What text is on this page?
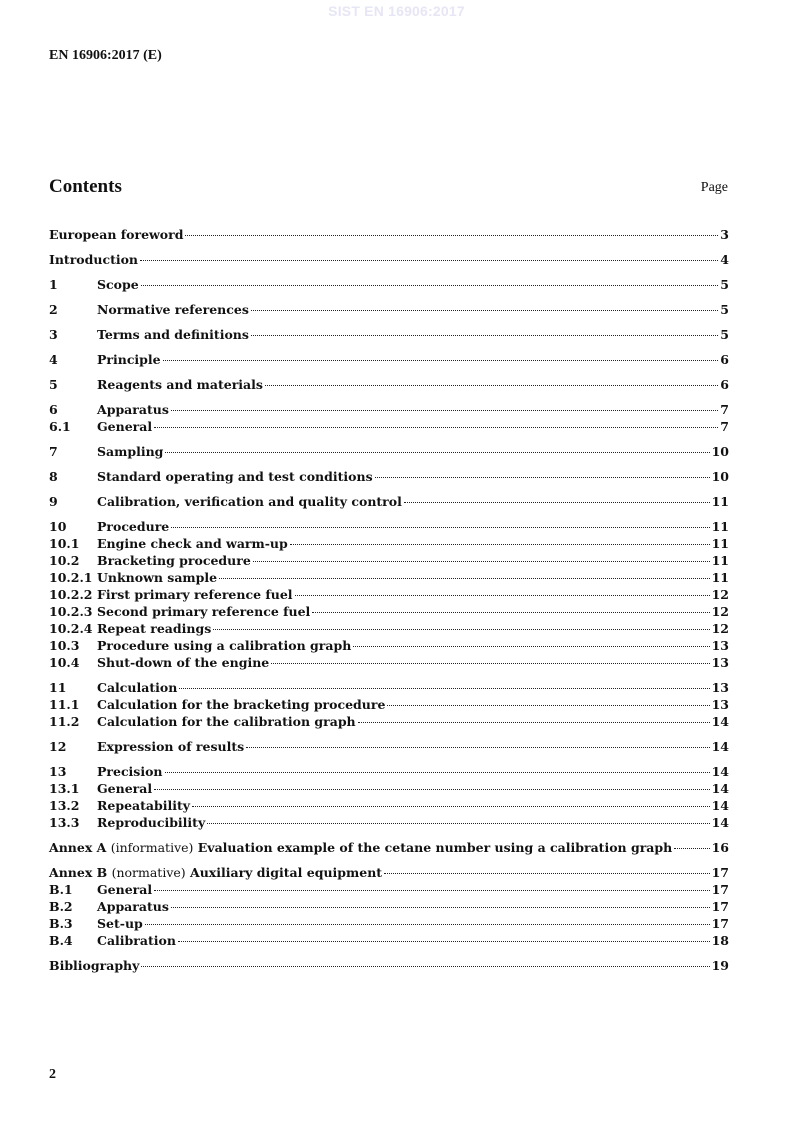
SIST EN 16906:2017
EN 16906:2017 (E)
Contents	Page
European foreword	3
Introduction	4
1	Scope	5
2	Normative references	5
3	Terms and definitions	5
4	Principle	6
5	Reagents and materials	6
6	Apparatus	7
6.1	General	7
7	Sampling	10
8	Standard operating and test conditions	10
9	Calibration, verification and quality control	11
10	Procedure	11
10.1	Engine check and warm-up	11
10.2	Bracketing procedure	11
10.2.1 Unknown sample	11
10.2.2 First primary reference fuel	12
10.2.3 Second primary reference fuel	12
10.2.4 Repeat readings	12
10.3	Procedure using a calibration graph	13
10.4	Shut-down of the engine	13
11	Calculation	13
11.1	Calculation for the bracketing procedure	13
11.2	Calculation for the calibration graph	14
12	Expression of results	14
13	Precision	14
13.1	General	14
13.2	Repeatability	14
13.3	Reproducibility	14
Annex A (informative) Evaluation example of the cetane number using a calibration graph	16
Annex B (normative) Auxiliary digital equipment	17
B.1	General	17
B.2	Apparatus	17
B.3	Set-up	17
B.4	Calibration	18
Bibliography	19
2
